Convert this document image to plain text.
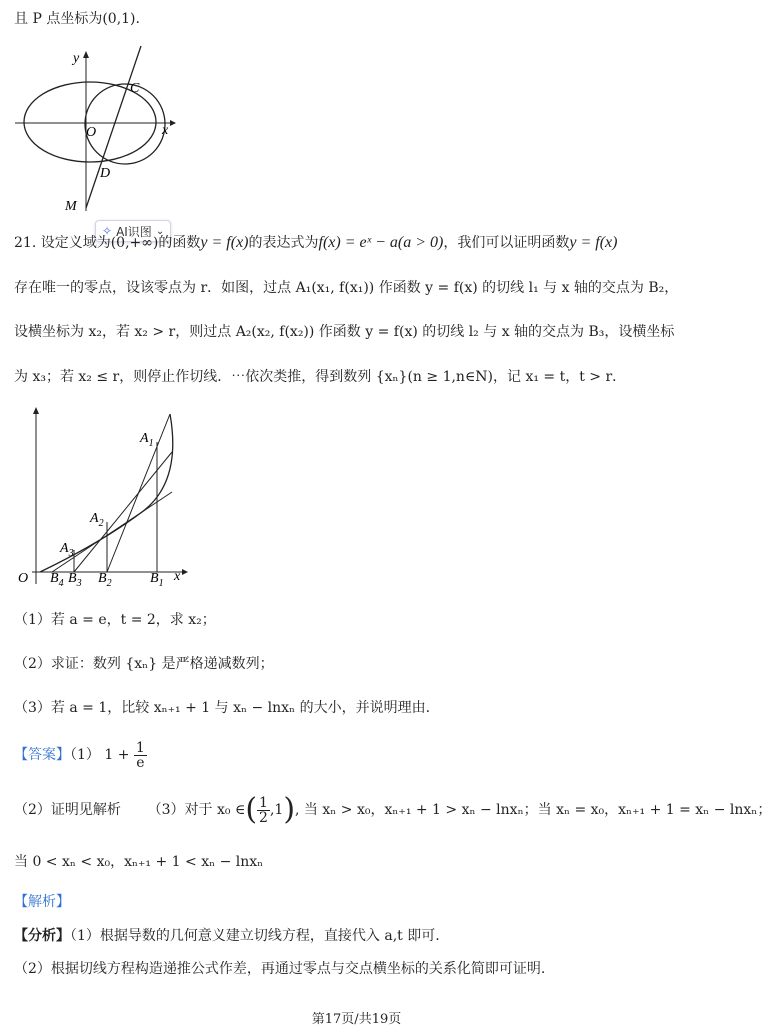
且 P 点坐标为(0,1).
y
C
O	x
D
M
✧ AI识图 ⌄
21. 设定义域为(0,+∞)的函数y = f(x)的表达式为f(x) = eˣ − a(a > 0)，我们可以证明函数y = f(x)
存在唯一的零点，设该零点为 r．如图，过点 A₁(x₁, f(x₁)) 作函数 y = f(x) 的切线 l₁ 与 x 轴的交点为 B₂，
设横坐标为 x₂，若 x₂ > r，则过点 A₂(x₂, f(x₂)) 作函数 y = f(x) 的切线 l₂ 与 x 轴的交点为 B₃，设横坐标
为 x₃；若 x₂ ≤ r，则停止作切线．⋯依次类推，得到数列 {xₙ}(n ≥ 1,n∈N)，记 x₁ = t，t > r．
$A_1$
$A_2$
$A_3$
O $B_4$ $B_3$ $B_2$	$B_1$ x
（1）若 a = e，t = 2，求 x₂；
（2）求证：数列 {xₙ} 是严格递减数列；
（3）若 a = 1，比较 xₙ₊₁ + 1 与 xₙ − lnxₙ 的大小，并说明理由.
【答案】（1） $1 + \frac{1}{e}$
（2）证明见解析 （3）对于 x₀ ∈( $\frac{1}{2} ,1$), 当 xₙ > x₀，xₙ₊₁ + 1 > xₙ − lnxₙ；当 xₙ = x₀，xₙ₊₁ + 1 = xₙ − lnxₙ；
当 0 < xₙ < x₀，xₙ₊₁ + 1 < xₙ − lnxₙ
【解析】
【分析】（1）根据导数的几何意义建立切线方程，直接代入 a,t 即可.
（2）根据切线方程构造递推公式作差，再通过零点与交点横坐标的关系化简即可证明.
第17页/共19页
